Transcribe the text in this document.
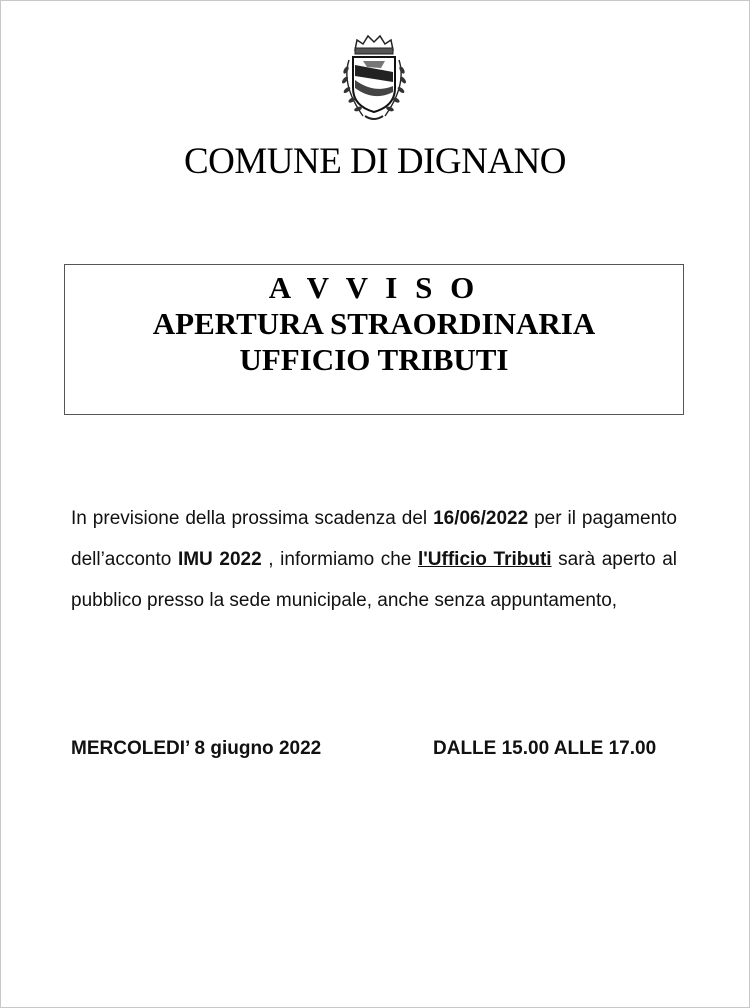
COMUNE DI DIGNANO
A V V I S O
APERTURA STRAORDINARIA
UFFICIO TRIBUTI
In previsione della prossima scadenza del 16/06/2022 per il pagamento dell’acconto IMU 2022 , informiamo che l'Ufficio Tributi sarà aperto al pubblico presso la sede municipale, anche senza appuntamento,
MERCOLEDI’ 8 giugno 2022	DALLE 15.00 ALLE 17.00
